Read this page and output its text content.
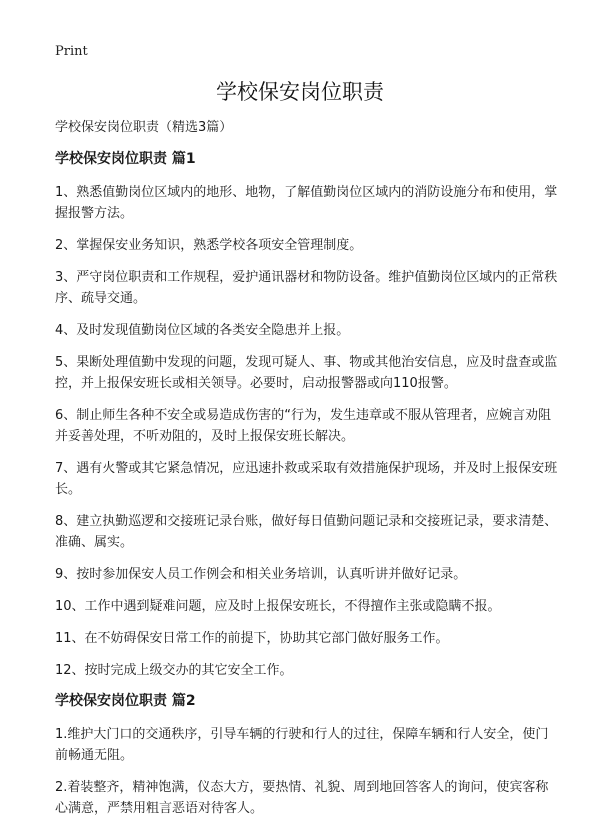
Print
学校保安岗位职责
学校保安岗位职责（精选3篇）
学校保安岗位职责 篇1

1、熟悉值勤岗位区域内的地形、地物，了解值勤岗位区域内的消防设施分布和使用，掌握报警方法。

2、掌握保安业务知识，熟悉学校各项安全管理制度。

3、严守岗位职责和工作规程，爱护通讯器材和物防设备。维护值勤岗位区域内的正常秩序、疏导交通。

4、及时发现值勤岗位区域的各类安全隐患并上报。

5、果断处理值勤中发现的问题，发现可疑人、事、物或其他治安信息，应及时盘查或监控，并上报保安班长或相关领导。必要时，启动报警器或向110报警。

6、制止师生各种不安全或易造成伤害的“行为，发生违章或不服从管理者，应婉言劝阻并妥善处理，不听劝阻的，及时上报保安班长解决。

7、遇有火警或其它紧急情况，应迅速扑救或采取有效措施保护现场，并及时上报保安班长。

8、建立执勤巡逻和交接班记录台账，做好每日值勤问题记录和交接班记录，要求清楚、准确、属实。

9、按时参加保安人员工作例会和相关业务培训，认真听讲并做好记录。

10、工作中遇到疑难问题，应及时上报保安班长，不得擅作主张或隐瞒不报。

11、在不妨碍保安日常工作的前提下，协助其它部门做好服务工作。

12、按时完成上级交办的其它安全工作。

学校保安岗位职责 篇2

1.维护大门口的交通秩序，引导车辆的行驶和行人的过往，保障车辆和行人安全，使门前畅通无阻。

2.着装整齐，精神饱满，仪态大方，要热情、礼貌、周到地回答客人的询问，使宾客称心满意，严禁用粗言恶语对待客人。
